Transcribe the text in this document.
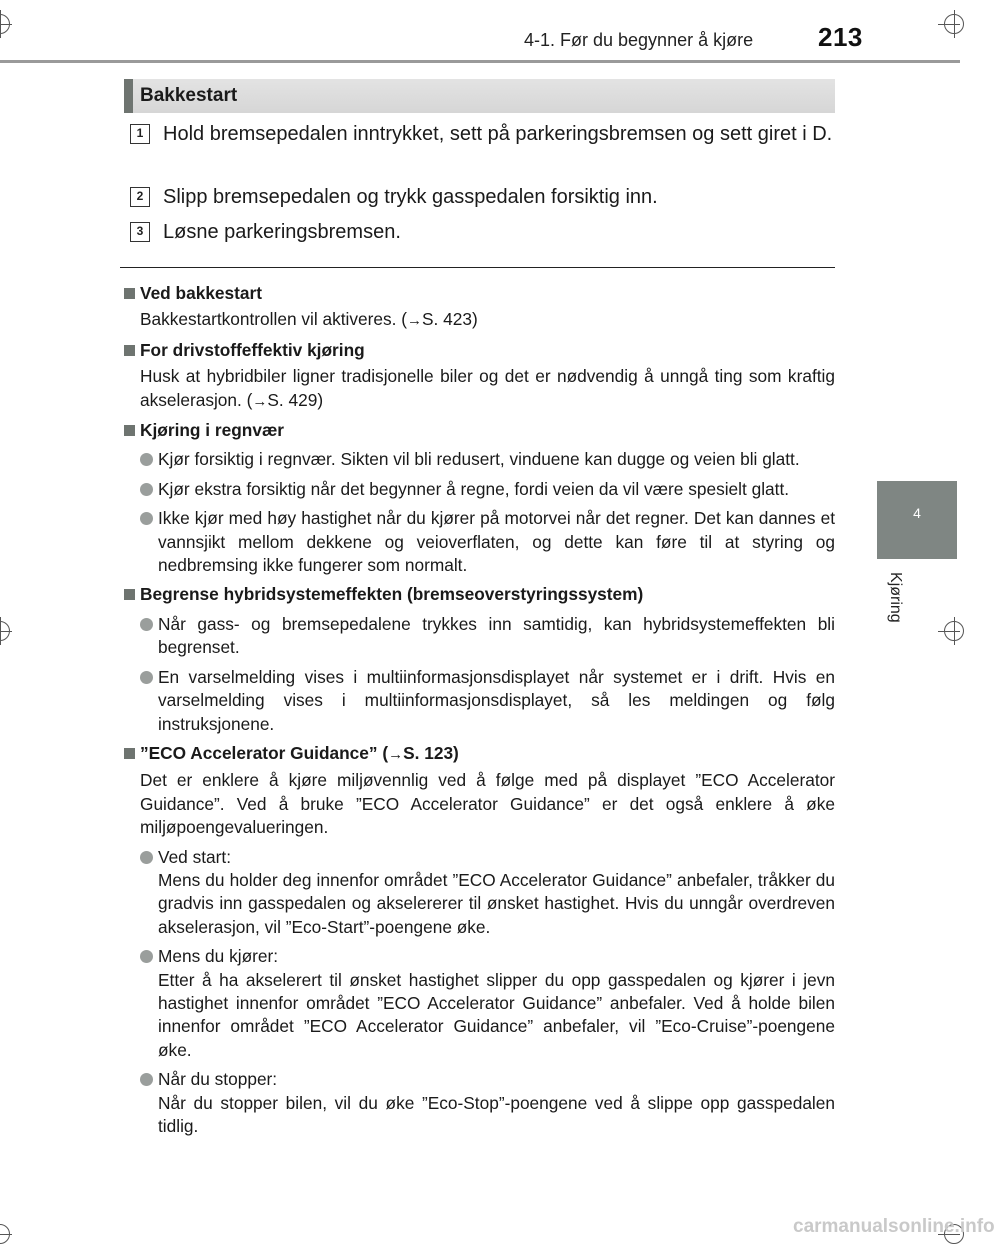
4-1. Før du begynner å kjøre 213
4
Kjøring
Bakkestart
1 Hold bremsepedalen inntrykket, sett på parkeringsbremsen og sett giret i D.
2 Slipp bremsepedalen og trykk gasspedalen forsiktig inn.
3 Løsne parkeringsbremsen.
Ved bakkestart
Bakkestartkontrollen vil aktiveres. (→S. 423)
For drivstoffeffektiv kjøring
Husk at hybridbiler ligner tradisjonelle biler og det er nødvendig å unngå ting som kraftig akselerasjon. (→S. 429)
Kjøring i regnvær
Kjør forsiktig i regnvær. Sikten vil bli redusert, vinduene kan dugge og veien bli glatt.
Kjør ekstra forsiktig når det begynner å regne, fordi veien da vil være spesielt glatt.
Ikke kjør med høy hastighet når du kjører på motorvei når det regner. Det kan dannes et vannsjikt mellom dekkene og veioverflaten, og dette kan føre til at styring og nedbremsing ikke fungerer som normalt.
Begrense hybridsystemeffekten (bremseoverstyringssystem)
Når gass- og bremsepedalene trykkes inn samtidig, kan hybridsystemeffekten bli begrenset.
En varselmelding vises i multiinformasjonsdisplayet når systemet er i drift. Hvis en varselmelding vises i multiinformasjonsdisplayet, så les meldingen og følg instruksjonene.
”ECO Accelerator Guidance” (→S. 123)
Det er enklere å kjøre miljøvennlig ved å følge med på displayet ”ECO Accelerator Guidance”. Ved å bruke ”ECO Accelerator Guidance” er det også enklere å øke miljøpoengevalueringen.
Ved start:
Mens du holder deg innenfor området ”ECO Accelerator Guidance” anbefaler, tråkker du gradvis inn gasspedalen og akselererer til ønsket hastighet. Hvis du unngår overdreven akselerasjon, vil ”Eco-Start”-poengene øke.
Mens du kjører:
Etter å ha akselerert til ønsket hastighet slipper du opp gasspedalen og kjører i jevn hastighet innenfor området ”ECO Accelerator Guidance” anbefaler. Ved å holde bilen innenfor området ”ECO Accelerator Guidance” anbefaler, vil ”Eco-Cruise”-poengene øke.
Når du stopper:
Når du stopper bilen, vil du øke ”Eco-Stop”-poengene ved å slippe opp gasspedalen tidlig.
carmanualsonline.info
